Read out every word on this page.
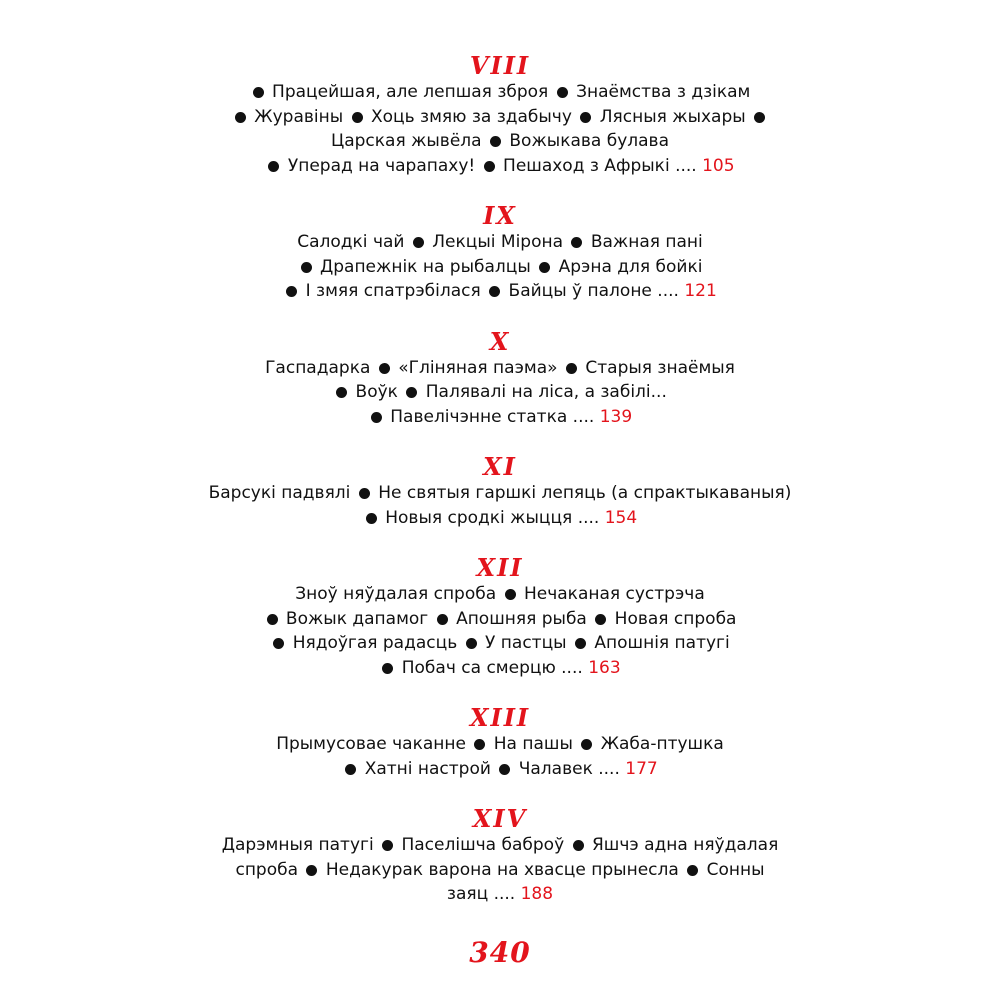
VIII
Працейшая, але лепшая зброя Знаёмства з дзікам
Журавіны Хоць змяю за здабычу Лясныя жыхары
Царская жывёла Вожыкава булава
Уперад на чарапаху! Пешаход з Афрыкі .... 105
IX
Салодкі чай Лекцыі Мірона Важная пані
Драпежнік на рыбалцы Арэна для бойкі
І змяя спатрэбілася Байцы ў палоне .... 121
X
Гаспадарка «Гліняная паэма» Старыя знаёмыя
Воўк Палявалі на ліса, а забілі...
Павелічэнне статка .... 139
XI
Барсукі падвялі Не святыя гаршкі лепяць (а спрактыкаваныя)
Новыя сродкі жыцця .... 154
XII
Зноў няўдалая спроба Нечаканая сустрэча
Вожык дапамог Апошняя рыба Новая спроба
Нядоўгая радасць У пастцы Апошнія патугі
Побач са смерцю .... 163
XIII
Прымусовае чаканне На пашы Жаба-птушка
Хатні настрой Чалавек .... 177
XIV
Дарэмныя патугі Паселішча баброў Яшчэ адна няўдалая
спроба Недакурак варона на хвасце прынесла Сонны
заяц .... 188
340
